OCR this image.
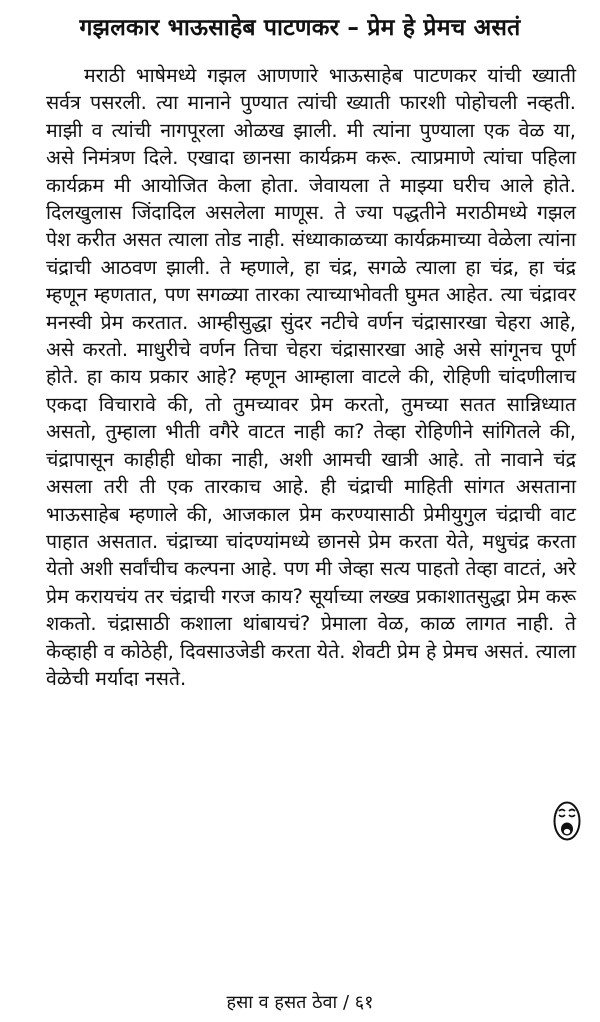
गझलकार भाऊसाहेब पाटणकर – प्रेम हे प्रेमच असतं

मराठी भाषेमध्ये गझल आणणारे भाऊसाहेब पाटणकर यांची ख्याती सर्वत्र पसरली. त्या मानाने पुण्यात त्यांची ख्याती फारशी पोहोचली नव्हती. माझी व त्यांची नागपूरला ओळख झाली. मी त्यांना पुण्याला एक वेळ या, असे निमंत्रण दिले. एखादा छानसा कार्यक्रम करू. त्याप्रमाणे त्यांचा पहिला कार्यक्रम मी आयोजित केला होता. जेवायला ते माझ्या घरीच आले होते. दिलखुलास जिंदादिल असलेला माणूस. ते ज्या पद्धतीने मराठीमध्ये गझल पेश करीत असत त्याला तोड नाही. संध्याकाळच्या कार्यक्रमाच्या वेळेला त्यांना चंद्राची आठवण झाली. ते म्हणाले, हा चंद्र, सगळे त्याला हा चंद्र, हा चंद्र म्हणून म्हणतात, पण सगळ्या तारका त्याच्याभोवती घुमत आहेत. त्या चंद्रावर मनस्वी प्रेम करतात. आम्हीसुद्धा सुंदर नटीचे वर्णन चंद्रासारखा चेहरा आहे, असे करतो. माधुरीचे वर्णन तिचा चेहरा चंद्रासारखा आहे असे सांगूनच पूर्ण होते. हा काय प्रकार आहे? म्हणून आम्हाला वाटले की, रोहिणी चांदणीलाच एकदा विचारावे की, तो तुमच्यावर प्रेम करतो, तुमच्या सतत सान्निध्यात असतो, तुम्हाला भीती वगैरे वाटत नाही का? तेव्हा रोहिणीने सांगितले की, चंद्रापासून काहीही धोका नाही, अशी आमची खात्री आहे. तो नावाने चंद्र असला तरी ती एक तारकाच आहे. ही चंद्राची माहिती सांगत असताना भाऊसाहेब म्हणाले की, आजकाल प्रेम करण्यासाठी प्रेमीयुगुल चंद्राची वाट पाहात असतात. चंद्राच्या चांदण्यांमध्ये छानसे प्रेम करता येते, मधुचंद्र करता येतो अशी सर्वांचीच कल्पना आहे. पण मी जेव्हा सत्य पाहतो तेव्हा वाटतं, अरे प्रेम करायचंय तर चंद्राची गरज काय? सूर्याच्या लख्ख प्रकाशातसुद्धा प्रेम करू शकतो. चंद्रासाठी कशाला थांबायचं? प्रेमाला वेळ, काळ लागत नाही. ते केव्हाही व कोठेही, दिवसाउजेडी करता येते. शेवटी प्रेम हे प्रेमच असतं. त्याला वेळेची मर्यादा नसते.

हसा व हसत ठेवा / ६१
